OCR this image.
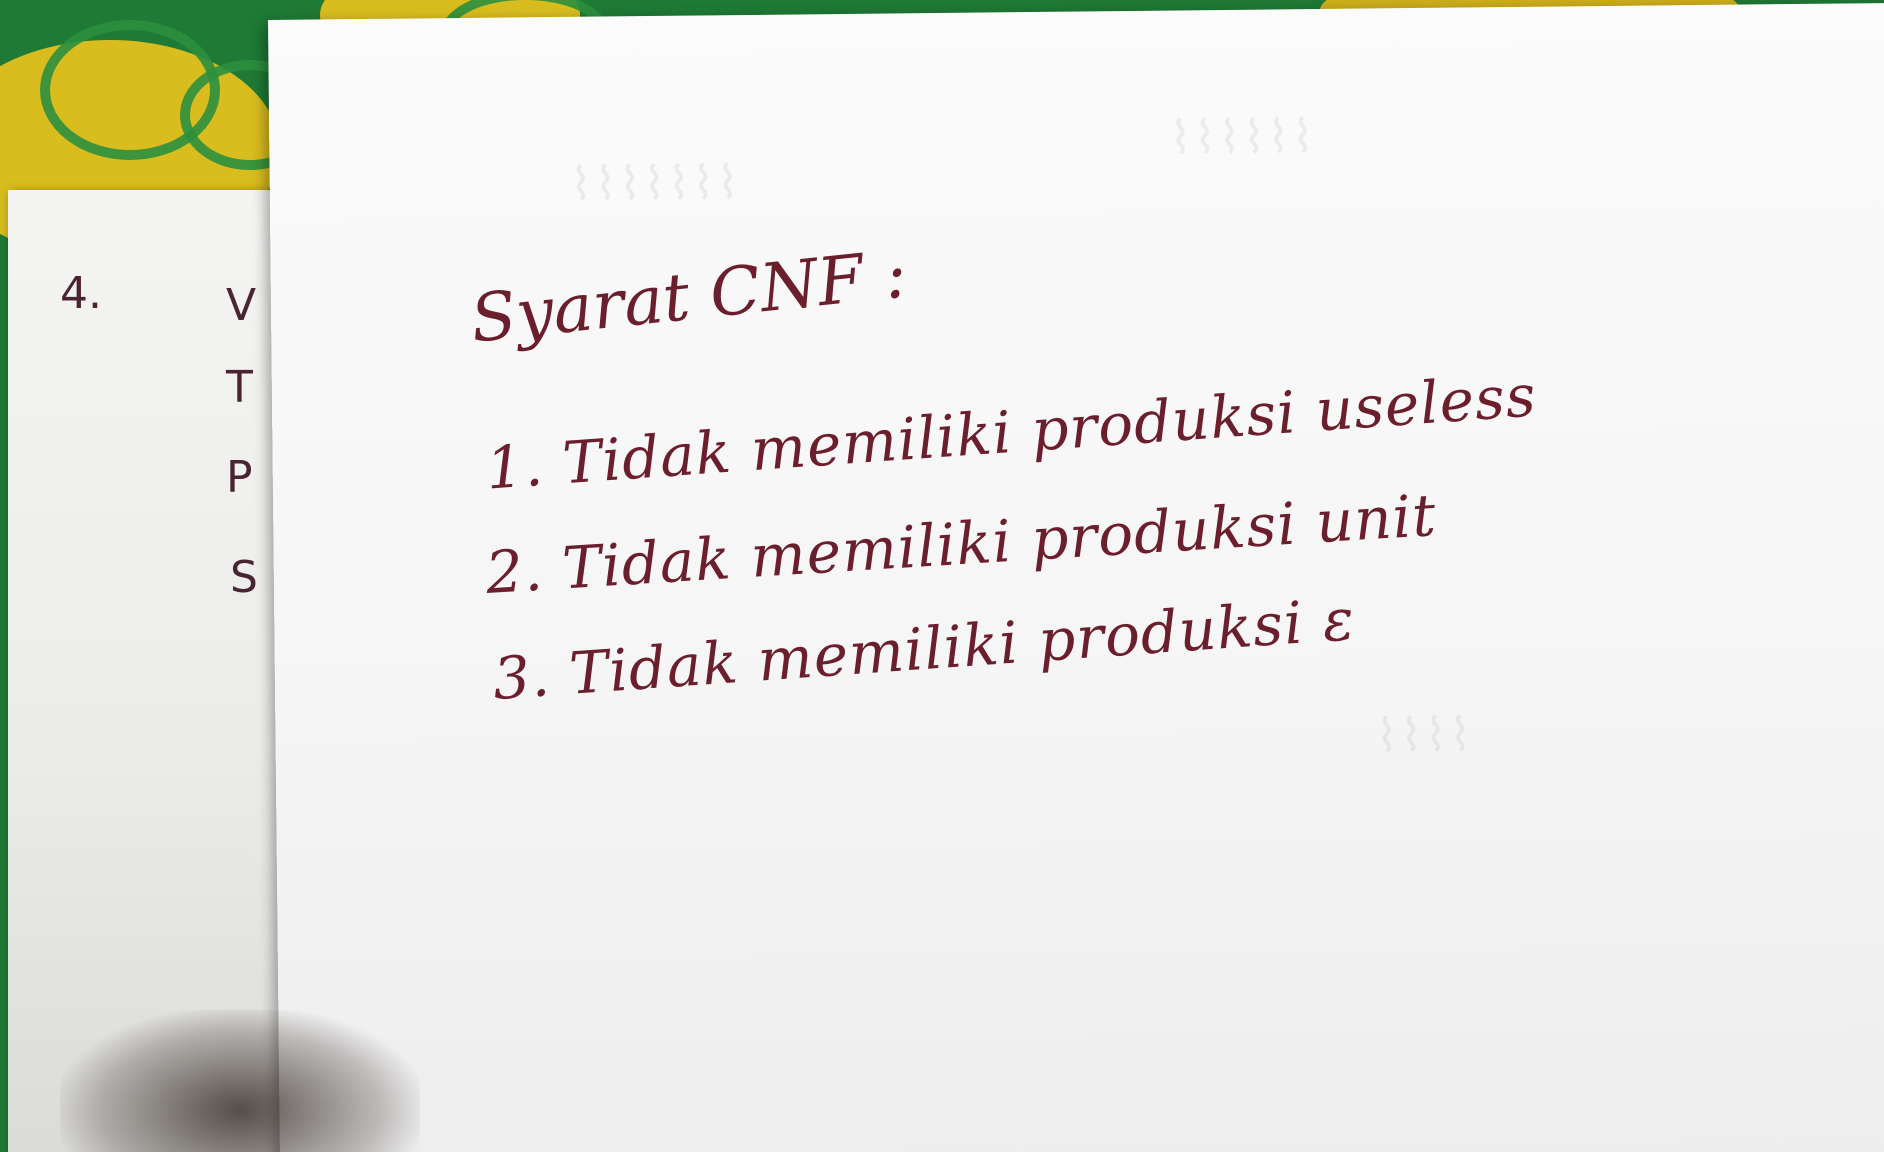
4.	V
T
P
S
⌇⌇⌇⌇⌇⌇⌇
⌇⌇⌇⌇⌇⌇
⌇⌇⌇⌇
Syarat CNF :
1. Tidak memiliki produksi useless
2. Tidak memiliki produksi unit
3. Tidak memiliki produksi ε
